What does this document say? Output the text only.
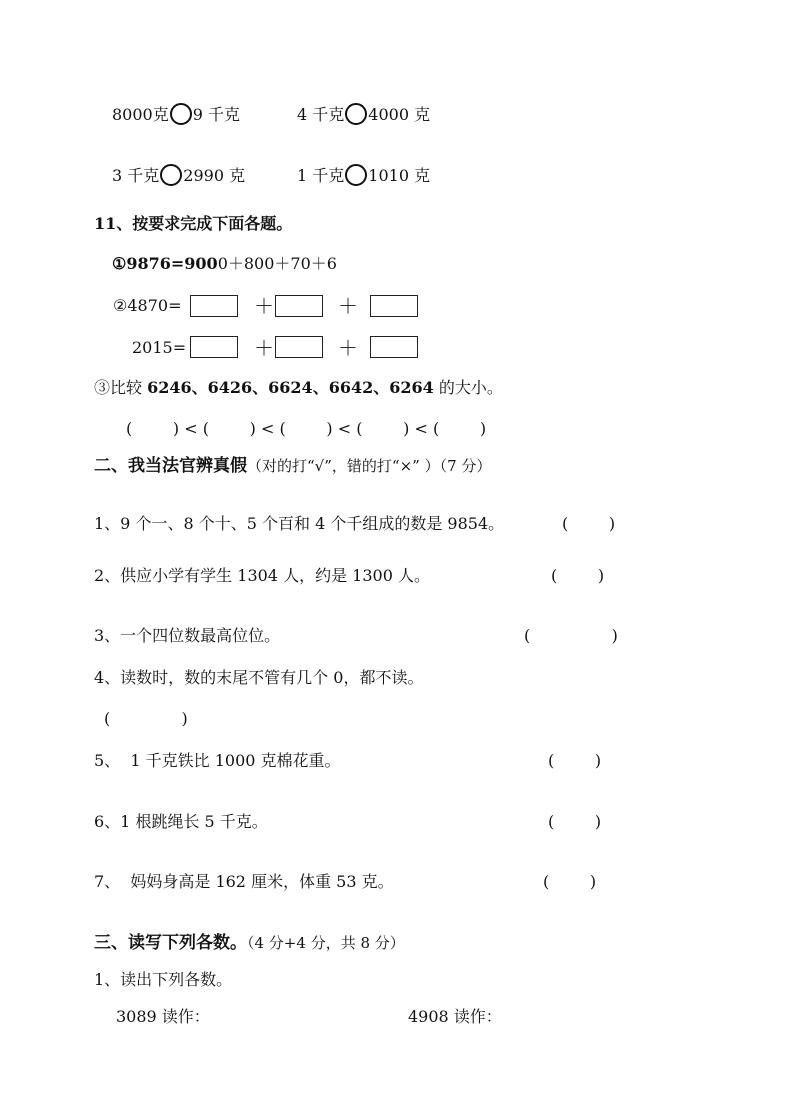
8000克 9 千克	4 千克 4000 克
3 千克 2990 克	1 千克 1010 克
11、按要求完成下面各题。
①9876=9000＋800＋70＋6
②4870=	＋	＋
2015=	＋	＋
③比较 6246、6426、6624、6642、6264 的大小。
(        ) < (        ) < (        ) < (        ) < (        )
二、我当法官辨真假（对的打“√”，错的打“×” ）（7 分）
1、9 个一、8 个十、5 个百和 4 个千组成的数是 9854。	(        )
2、供应小学有学生 1304 人，约是 1300 人。	(        )
3、一个四位数最高位位。	(                )
4、读数时，数的末尾不管有几个 0，都不读。
(              )
5、  1 千克铁比 1000 克棉花重。	(        )
6、1 根跳绳长 5 千克。	(        )
7、  妈妈身高是 162 厘米，体重 53 克。	(        )
三、读写下列各数。（4 分+4 分，共 8 分）
1、读出下列各数。
3089 读作：	4908 读作：
